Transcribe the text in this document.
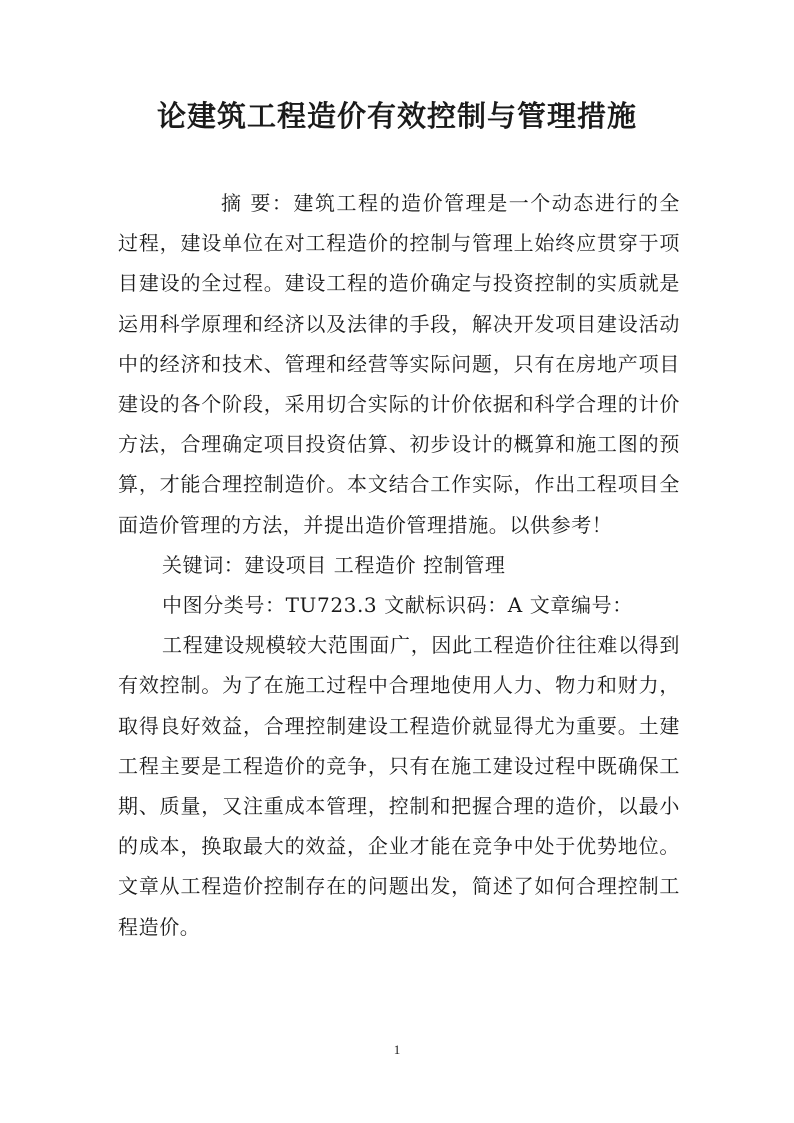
论建筑工程造价有效控制与管理措施

摘 要：建筑工程的造价管理是一个动态进行的全过程，建设单位在对工程造价的控制与管理上始终应贯穿于项目建设的全过程。建设工程的造价确定与投资控制的实质就是运用科学原理和经济以及法律的手段，解决开发项目建设活动中的经济和技术、管理和经营等实际问题，只有在房地产项目建设的各个阶段，采用切合实际的计价依据和科学合理的计价方法，合理确定项目投资估算、初步设计的概算和施工图的预算，才能合理控制造价。本文结合工作实际，作出工程项目全面造价管理的方法，并提出造价管理措施。以供参考！

关键词：建设项目 工程造价 控制管理

中图分类号：TU723.3 文献标识码：A 文章编号：

工程建设规模较大范围面广，因此工程造价往往难以得到有效控制。为了在施工过程中合理地使用人力、物力和财力，取得良好效益，合理控制建设工程造价就显得尤为重要。土建工程主要是工程造价的竞争，只有在施工建设过程中既确保工期、质量，又注重成本管理，控制和把握合理的造价，以最小的成本，换取最大的效益，企业才能在竞争中处于优势地位。文章从工程造价控制存在的问题出发，简述了如何合理控制工程造价。

1
